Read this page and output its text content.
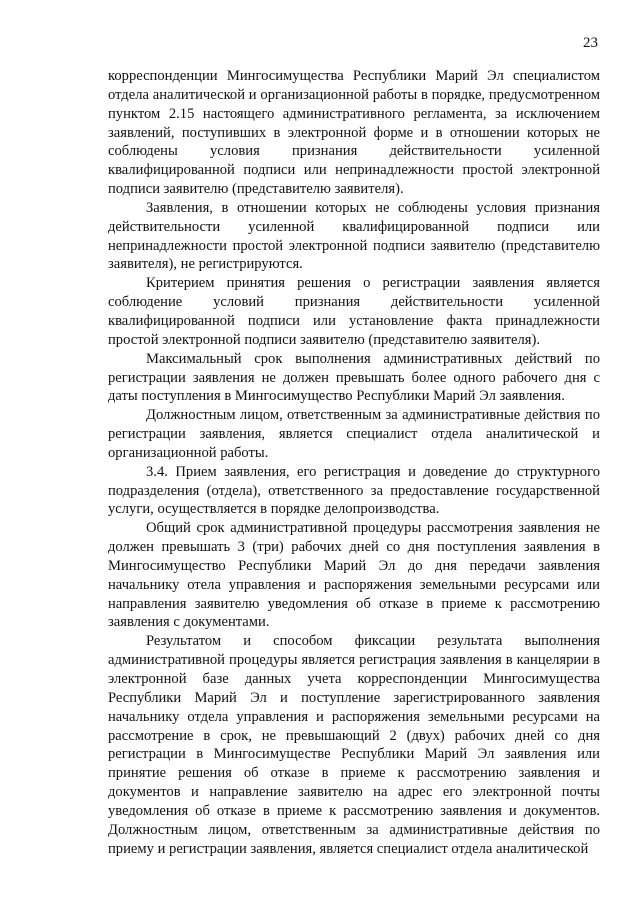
23

корреспонденции Мингосимущества Республики Марий Эл специалистом отдела аналитической и организационной работы в порядке, предусмотренном пунктом 2.15 настоящего административного регламента, за исключением заявлений, поступивших в электронной форме и в отношении которых не соблюдены условия признания действительности усиленной квалифицированной подписи или непринадлежности простой электронной подписи заявителю (представителю заявителя).

Заявления, в отношении которых не соблюдены условия признания действительности усиленной квалифицированной подписи или непринадлежности простой электронной подписи заявителю (представителю заявителя), не регистрируются.

Критерием принятия решения о регистрации заявления является соблюдение условий признания действительности усиленной квалифицированной подписи или установление факта принадлежности простой электронной подписи заявителю (представителю заявителя).

Максимальный срок выполнения административных действий по регистрации заявления не должен превышать более одного рабочего дня с даты поступления в Мингосимущество Республики Марий Эл заявления.

Должностным лицом, ответственным за административные действия по регистрации заявления, является специалист отдела аналитической и организационной работы.

3.4. Прием заявления, его регистрация и доведение до структурного подразделения (отдела), ответственного за предоставление государственной услуги, осуществляется в порядке делопроизводства.

Общий срок административной процедуры рассмотрения заявления не должен превышать 3 (три) рабочих дней со дня поступления заявления в Мингосимущество Республики Марий Эл до дня передачи заявления начальнику отела управления и распоряжения земельными ресурсами или направления заявителю уведомления об отказе в приеме к рассмотрению заявления с документами.

Результатом и способом фиксации результата выполнения административной процедуры является регистрация заявления в канцелярии в электронной базе данных учета корреспонденции Мингосимущества Республики Марий Эл и поступление зарегистрированного заявления начальнику отдела управления и распоряжения земельными ресурсами на рассмотрение в срок, не превышающий 2 (двух) рабочих дней со дня регистрации в Мингосимуществе Республики Марий Эл заявления или принятие решения об отказе в приеме к рассмотрению заявления и документов и направление заявителю на адрес его электронной почты уведомления об отказе в приеме к рассмотрению заявления и документов. Должностным лицом, ответственным за административные действия по приему и регистрации заявления, является специалист отдела аналитической
